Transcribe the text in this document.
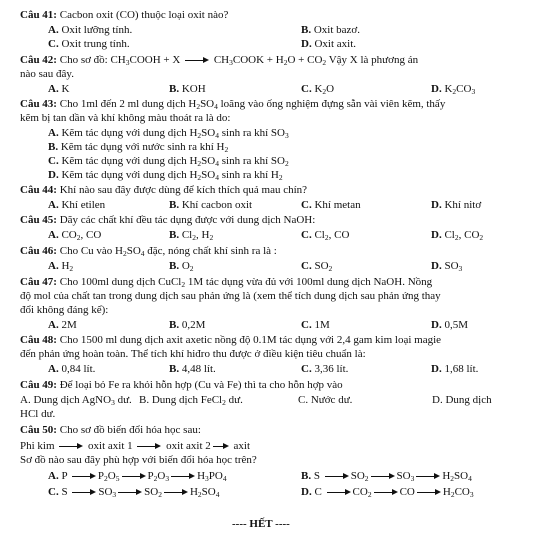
Câu 41: Cacbon oxit (CO) thuộc loại oxit nào?
A. Oxit lưỡng tính.	B. Oxit bazơ.
C. Oxit trung tính.	D. Oxit axit.
Câu 42: Cho sơ đồ: $CH_3COOH + X$	$CH_3COOK + H_2O + CO_2$ Vậy X là phương án
nào sau đây.
A. K	B. KOH	C. $K_2O$	D. $K_2CO_3$
Câu 43: Cho 1ml đến 2 ml dung dịch $H_2SO_4$ loãng vào ống nghiệm đựng sẵn vài viên kẽm, thấy
kẽm bị tan dần và khí không màu thoát ra là do:
A. Kẽm tác dụng với dung dịch $H_2SO_4$ sinh ra khí $SO_3$
B. Kẽm tác dụng với nước sinh ra khí $H_2$
C. Kẽm tác dụng với dung dịch $H_2SO_4$ sinh ra khí $SO_2$
D. Kẽm tác dụng với dung dịch $H_2SO_4$ sinh ra khí $H_2$
Câu 44: Khí nào sau đây được dùng để kích thích quả mau chín?
A. Khí etilen	B. Khí cacbon oxit	C. Khí metan	D. Khí nitơ
Câu 45: Dãy các chất khí đều tác dụng được với dung dịch NaOH:
A. $CO_2$, CO	B. $Cl_2$, $H_2$	C. $Cl_2$, CO	D. $Cl_2$, $CO_2$
Câu 46: Cho Cu vào $H_2SO_4$ đặc, nóng chất khí sinh ra là :
A. $H_2$	B. $O_2$	C. $SO_2$	D. $SO_3$
Câu 47: Cho 100ml dung dịch CuCl$_2$ 1M tác dụng vừa đủ với 100ml dung dịch NaOH. Nồng
độ mol của chất tan trong dung dịch sau phản ứng là (xem thể tích dung dịch sau phản ứng thay
đổi không đáng kể):
A. 2M	B. 0,2M	C. 1M	D. 0,5M
Câu 48: Cho 1500 ml dung dịch axit axetic nồng độ 0.1M tác dụng với 2,4 gam kim loại magie
đến phản ứng hoàn toàn. Thể tích khí hiđro thu được ở điều kiện tiêu chuẩn là:
A. 0,84 lít.	B. 4,48 lít.	C. 3,36 lít.	D. 1,68 lít.
Câu 49: Để loại bỏ Fe ra khỏi hỗn hợp (Cu và Fe) thì ta cho hỗn hợp vào
A. Dung dịch AgNO$_3$ dư. B. Dung dịch FeCl$_2$ dư.	C. Nước dư.	D. Dung dịch
HCl dư.
Câu 50: Cho sơ đồ biến đổi hóa học sau:
Phi kim	oxit axit 1	oxit axit 2 axit
Sơ đồ nào sau đây phù hợp với biến đổi hóa học trên?
A. P	$P_2O_5$	$P_2O_3$	$H_3PO_4$	B. S	$SO_2$	$SO_3$	$H_2SO_4$
C. S	$SO_3$	$SO_2$	$H_2SO_4$	D. C	$CO_2$	CO	$H_2CO_3$
---- HẾT ----
